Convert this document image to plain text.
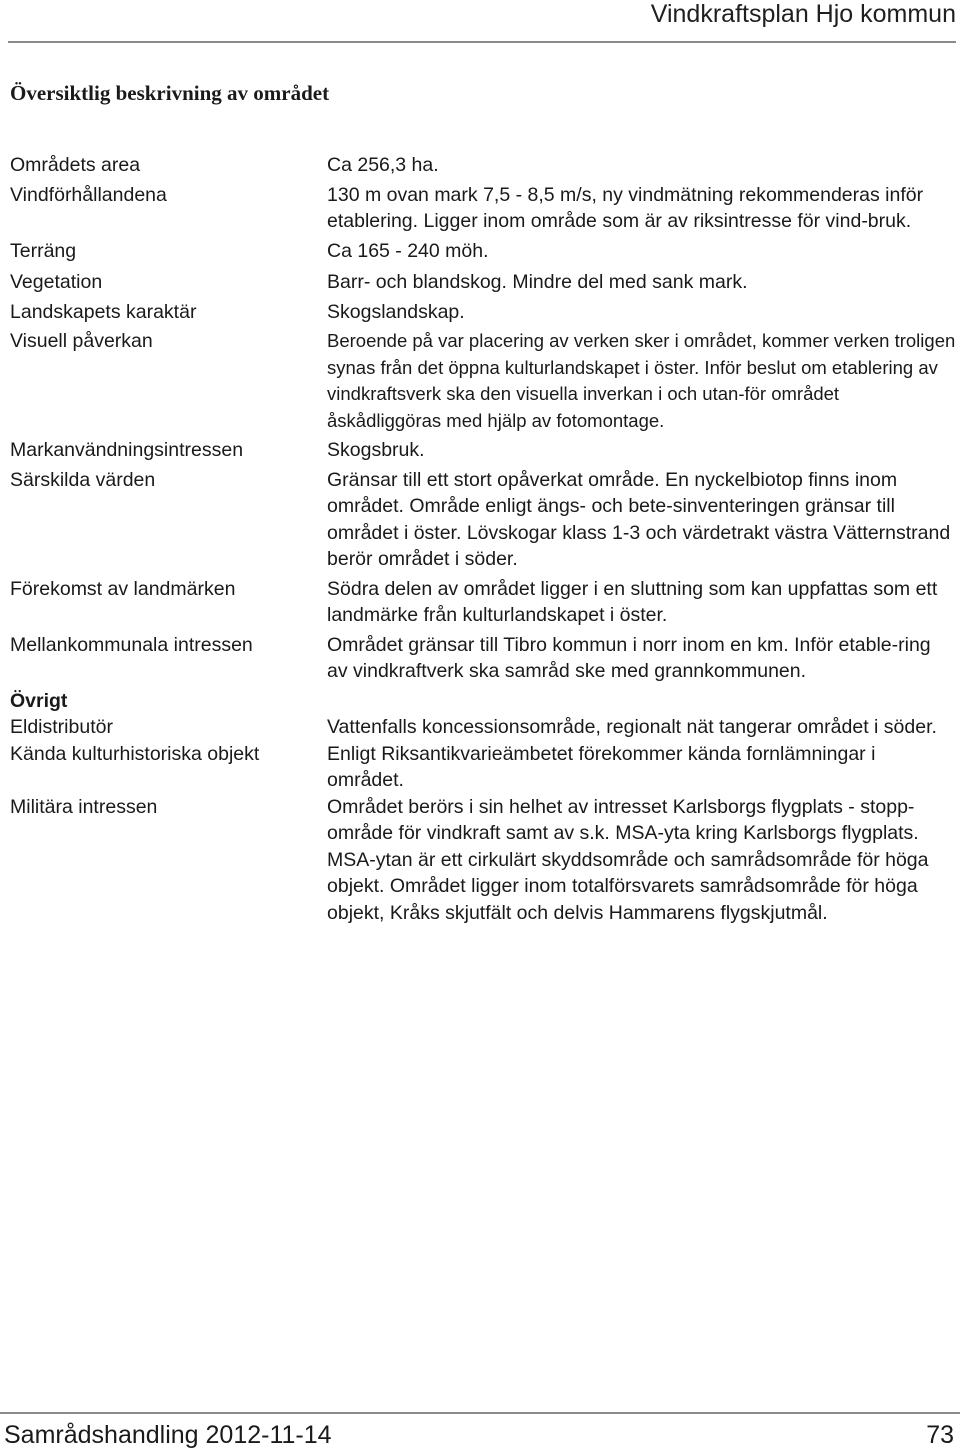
Vindkraftsplan Hjo kommun
Översiktlig beskrivning av området
Områdets area	Ca 256,3 ha.
Vindförhållandena	130 m ovan mark 7,5 - 8,5 m/s, ny vindmätning rekommenderas inför etablering. Ligger inom område som är av riksintresse för vind-bruk.
Terräng	Ca 165 - 240 möh.
Vegetation	Barr- och blandskog. Mindre del med sank mark.
Landskapets karaktär	Skogslandskap.
Visuell påverkan	Beroende på var placering av verken sker i området, kommer verken troligen synas från det öppna kulturlandskapet i öster. Inför beslut om etablering av vindkraftsverk ska den visuella inverkan i och utan-för området åskådliggöras med hjälp av fotomontage.
Markanvändningsintressen	Skogsbruk.
Särskilda värden	Gränsar till ett stort opåverkat område. En nyckelbiotop finns inom området. Område enligt ängs- och bete-sinventeringen gränsar till området i öster. Lövskogar klass 1-3 och värdetrakt västra Vätternstrand berör området i söder.
Förekomst av landmärken	Södra delen av området ligger i en sluttning som kan uppfattas som ett landmärke från kulturlandskapet i öster.
Mellankommunala intressen	Området gränsar till Tibro kommun i norr inom en km. Inför etable-ring av vindkraftverk ska samråd ske med grannkommunen.
Övrigt
Eldistributör	Vattenfalls koncessionsområde, regionalt nät tangerar området i söder.
Kända kulturhistoriska objekt	Enligt Riksantikvarieämbetet förekommer kända fornlämningar i området.
Militära intressen	Området berörs i sin helhet av intresset Karlsborgs flygplats - stopp-område för vindkraft samt av s.k. MSA-yta kring Karlsborgs flygplats. MSA-ytan är ett cirkulärt skyddsområde och samrådsområde för höga objekt. Området ligger inom totalförsvarets samrådsområde för höga objekt, Kråks skjutfält och delvis Hammarens flygskjutmål.
Samrådshandling 2012-11-14	73
